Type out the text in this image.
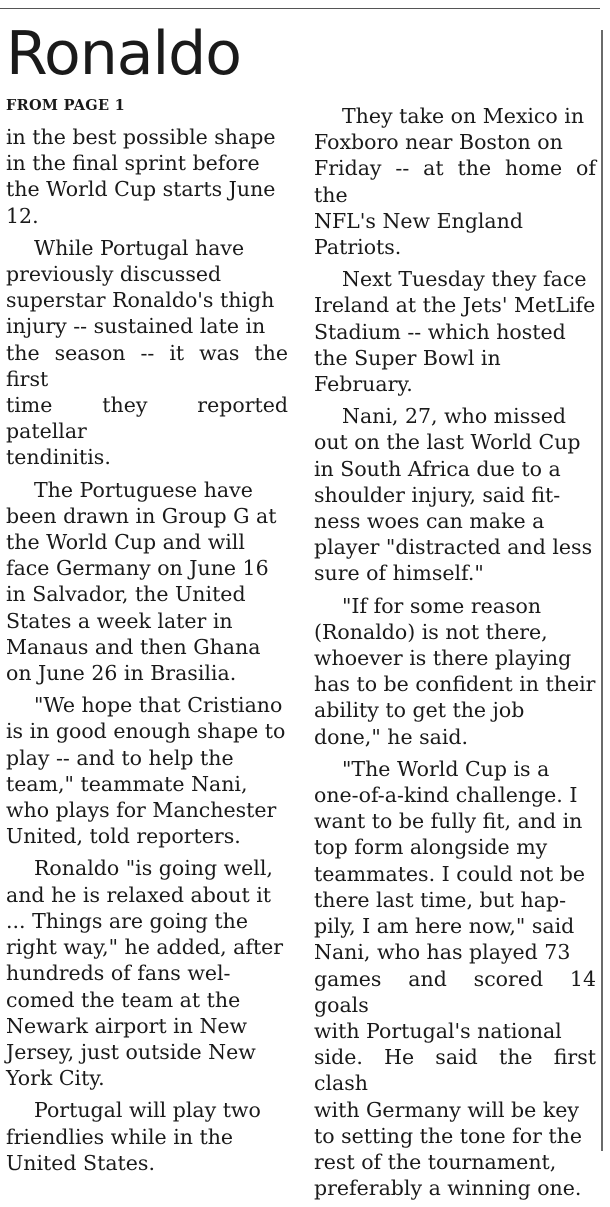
Ronaldo
FROM PAGE 1

in the best possible shape
in the final sprint before
the World Cup starts June
12.

While Portugal have
previously discussed
superstar Ronaldo's thigh
injury -- sustained late in
the season -- it was the first
time they reported patellar
tendinitis.

The Portuguese have
been drawn in Group G at
the World Cup and will
face Germany on June 16
in Salvador, the United
States a week later in
Manaus and then Ghana
on June 26 in Brasilia.

"We hope that Cristiano
is in good enough shape to
play -- and to help the
team," teammate Nani,
who plays for Manchester
United, told reporters.

Ronaldo "is going well,
and he is relaxed about it
... Things are going the
right way," he added, after
hundreds of fans wel-
comed the team at the
Newark airport in New
Jersey, just outside New
York City.

Portugal will play two
friendlies while in the
United States.

They take on Mexico in
Foxboro near Boston on
Friday -- at the home of the
NFL's New England
Patriots.

Next Tuesday they face
Ireland at the Jets' MetLife
Stadium -- which hosted
the Super Bowl in
February.

Nani, 27, who missed
out on the last World Cup
in South Africa due to a
shoulder injury, said fit-
ness woes can make a
player "distracted and less
sure of himself."

"If for some reason
(Ronaldo) is not there,
whoever is there playing
has to be confident in their
ability to get the job
done," he said.

"The World Cup is a
one-of-a-kind challenge. I
want to be fully fit, and in
top form alongside my
teammates. I could not be
there last time, but hap-
pily, I am here now," said
Nani, who has played 73
games and scored 14 goals
with Portugal's national
side. He said the first clash
with Germany will be key
to setting the tone for the
rest of the tournament,
preferably a winning one.
